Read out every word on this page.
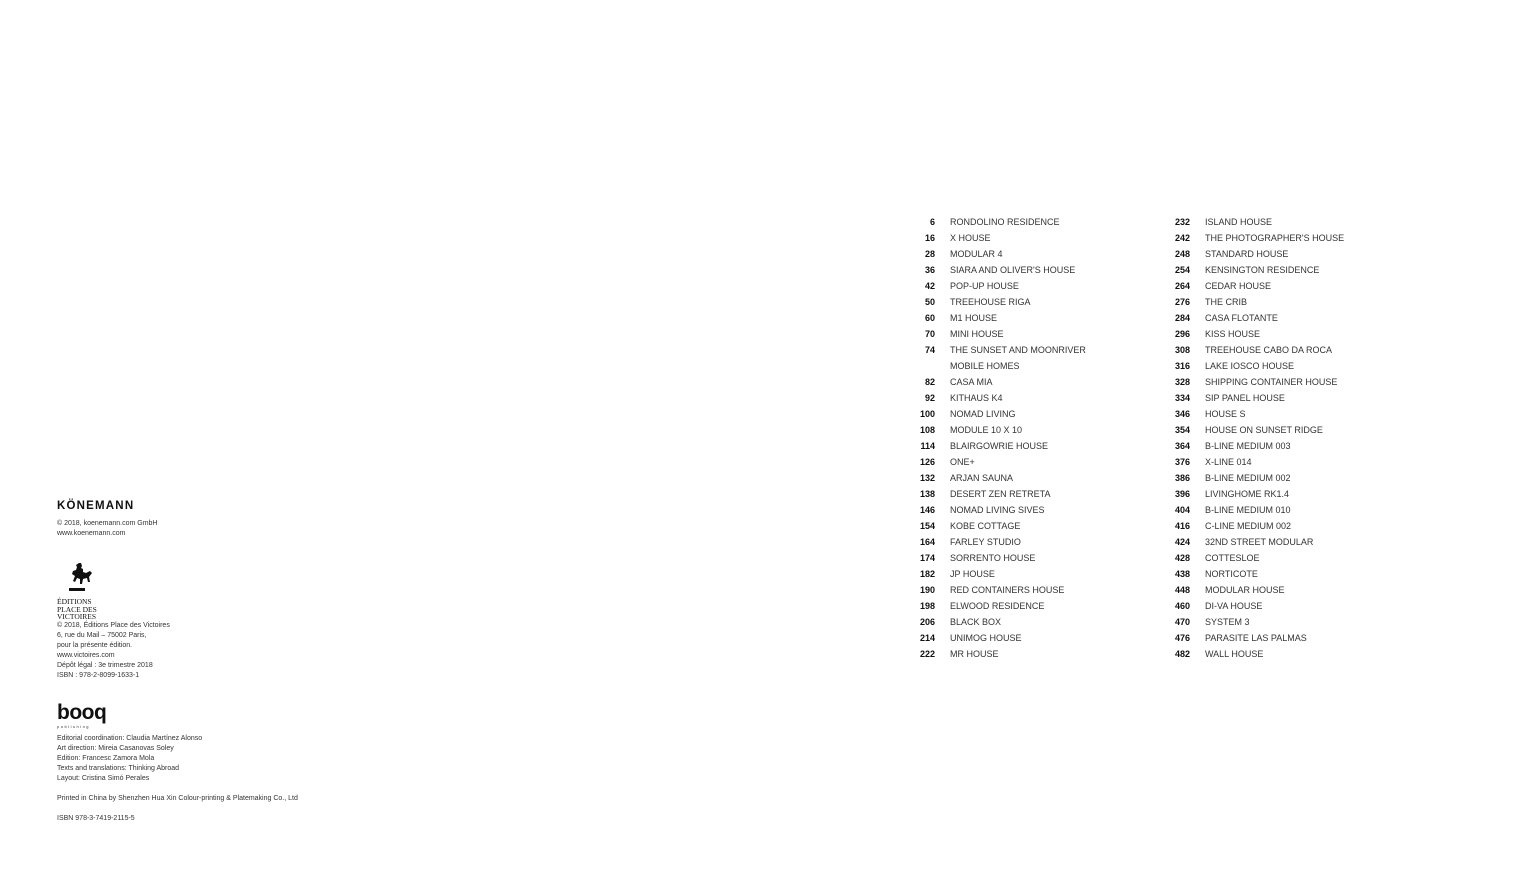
KÖNEMANN
© 2018, koenemann.com GmbH
www.koenemann.com
ÉDITIONS
PLACE DES
VICTOIRES
© 2018, Éditions Place des Victoires
6, rue du Mail – 75002 Paris,
pour la présente édition.
www.victoires.com
Dépôt légal : 3e trimestre 2018
ISBN : 978-2-8099-1633-1
booq
publishing
Editorial coordination: Claudia Martínez Alonso
Art direction: Mireia Casanovas Soley
Edition: Francesc Zamora Mola
Texts and translations: Thinking Abroad
Layout: Cristina Simó Perales
Printed in China by Shenzhen Hua Xin Colour-printing & Platemaking Co., Ltd
ISBN 978-3-7419-2115-5
6 RONDOLINO RESIDENCE
16 X HOUSE
28 MODULAR 4
36 SIARA AND OLIVER'S HOUSE
42 POP-UP HOUSE
50 TREEHOUSE RIGA
60 M1 HOUSE
70 MINI HOUSE
74 THE SUNSET AND MOONRIVER
MOBILE HOMES
82 CASA MIA
92 KITHAUS K4
100 NOMAD LIVING
108 MODULE 10 X 10
114 BLAIRGOWRIE HOUSE
126 ONE+
132 ARJAN SAUNA
138 DESERT ZEN RETRETA
146 NOMAD LIVING SIVES
154 KOBE COTTAGE
164 FARLEY STUDIO
174 SORRENTO HOUSE
182 JP HOUSE
190 RED CONTAINERS HOUSE
198 ELWOOD RESIDENCE
206 BLACK BOX
214 UNIMOG HOUSE
222 MR HOUSE
232 ISLAND HOUSE
242 THE PHOTOGRAPHER'S HOUSE
248 STANDARD HOUSE
254 KENSINGTON RESIDENCE
264 CEDAR HOUSE
276 THE CRIB
284 CASA FLOTANTE
296 KISS HOUSE
308 TREEHOUSE CABO DA ROCA
316 LAKE IOSCO HOUSE
328 SHIPPING CONTAINER HOUSE
334 SIP PANEL HOUSE
346 HOUSE S
354 HOUSE ON SUNSET RIDGE
364 B-LINE MEDIUM 003
376 X-LINE 014
386 B-LINE MEDIUM 002
396 LIVINGHOME RK1.4
404 B-LINE MEDIUM 010
416 C-LINE MEDIUM 002
424 32ND STREET MODULAR
428 COTTESLOE
438 NORTICOTE
448 MODULAR HOUSE
460 DI-VA HOUSE
470 SYSTEM 3
476 PARASITE LAS PALMAS
482 WALL HOUSE
